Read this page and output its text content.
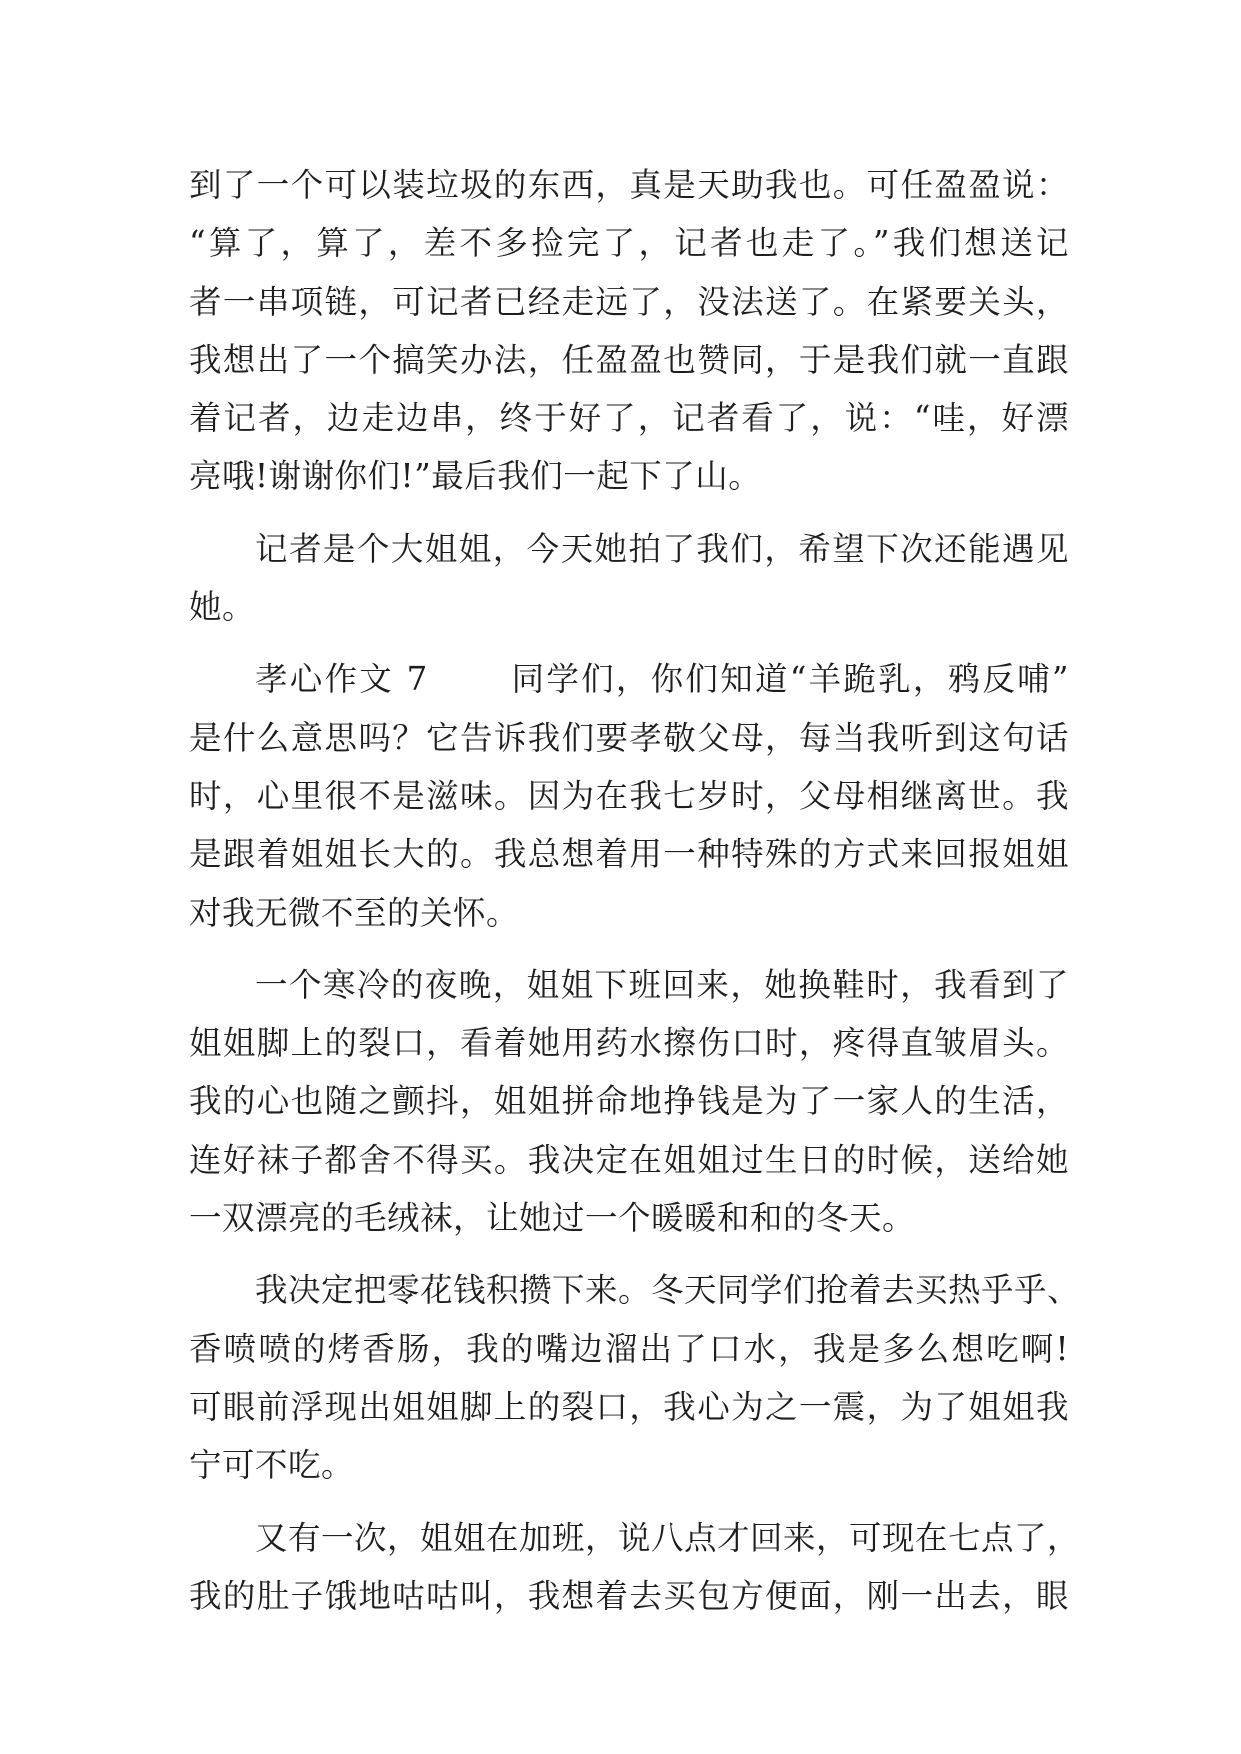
到了一个可以装垃圾的东西，真是天助我也。可任盈盈说：
“算了，算了，差不多捡完了，记者也走了。”我们想送记
者一串项链，可记者已经走远了，没法送了。在紧要关头，
我想出了一个搞笑办法，任盈盈也赞同，于是我们就一直跟
着记者，边走边串，终于好了，记者看了，说：“哇，好漂
亮哦!谢谢你们!”最后我们一起下了山。
记者是个大姐姐，今天她拍了我们，希望下次还能遇见
她。
孝心作文 7　　 同学们，你们知道“羊跪乳，鸦反哺”
是什么意思吗？它告诉我们要孝敬父母，每当我听到这句话
时，心里很不是滋味。因为在我七岁时，父母相继离世。我
是跟着姐姐长大的。我总想着用一种特殊的方式来回报姐姐
对我无微不至的关怀。
一个寒冷的夜晚，姐姐下班回来，她换鞋时，我看到了
姐姐脚上的裂口，看着她用药水擦伤口时，疼得直皱眉头。
我的心也随之颤抖，姐姐拼命地挣钱是为了一家人的生活，
连好袜子都舍不得买。我决定在姐姐过生日的时候，送给她
一双漂亮的毛绒袜，让她过一个暖暖和和的冬天。
我决定把零花钱积攒下来。冬天同学们抢着去买热乎乎、
香喷喷的烤香肠，我的嘴边溜出了口水，我是多么想吃啊!
可眼前浮现出姐姐脚上的裂口，我心为之一震，为了姐姐我
宁可不吃。
又有一次，姐姐在加班，说八点才回来，可现在七点了，
我的肚子饿地咕咕叫，我想着去买包方便面，刚一出去，眼
